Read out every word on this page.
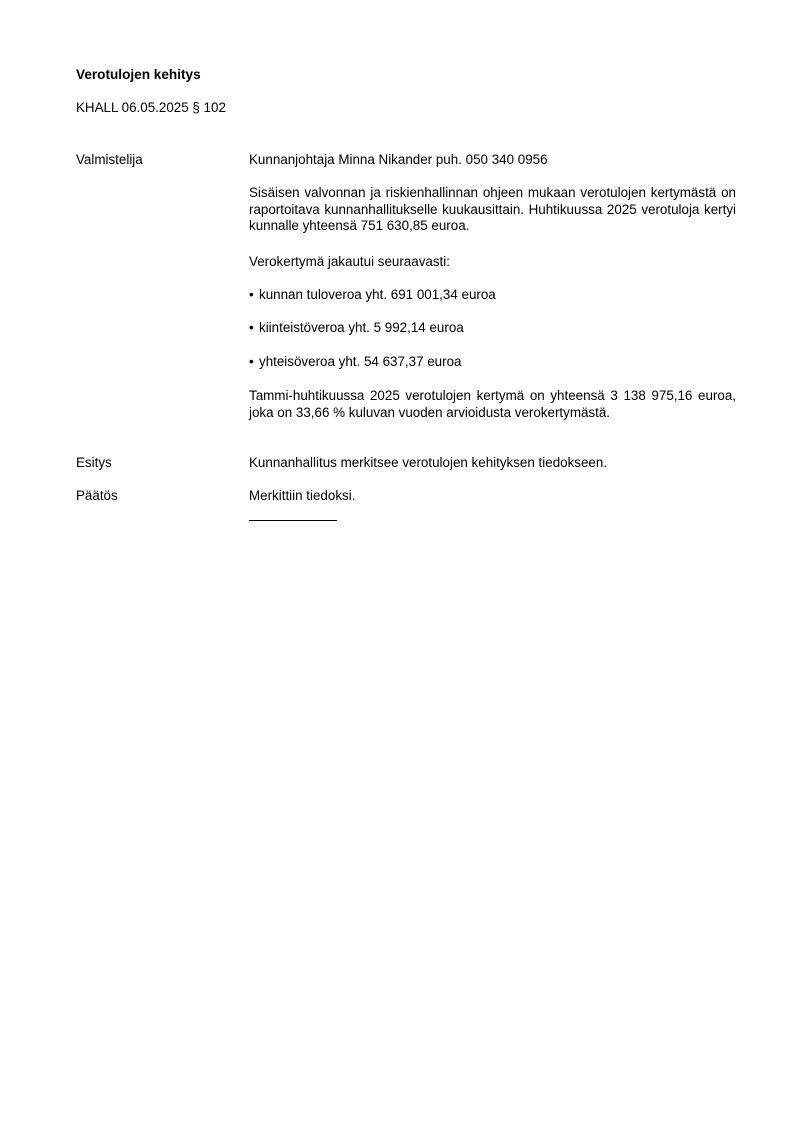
Verotulojen kehitys
KHALL 06.05.2025 § 102
Valmistelija	Kunnanjohtaja Minna Nikander puh. 050 340 0956

Sisäisen valvonnan ja riskienhallinnan ohjeen mukaan verotulojen kertymästä on raportoitava kunnanhallitukselle kuukausittain. Huhtikuussa 2025 verotuloja kertyi kunnalle yhteensä 751 630,85 euroa.

Verokertymä jakautui seuraavasti:

• kunnan tuloveroa yht. 691 001,34 euroa

• kiinteistöveroa yht. 5 992,14 euroa

• yhteisöveroa yht. 54 637,37 euroa

Tammi-huhtikuussa 2025 verotulojen kertymä on yhteensä 3 138 975,16 euroa, joka on 33,66 % kuluvan vuoden arvioidusta verokertymästä.

Esitys	Kunnanhallitus merkitsee verotulojen kehityksen tiedokseen.
Päätös	Merkittiin tiedoksi.
